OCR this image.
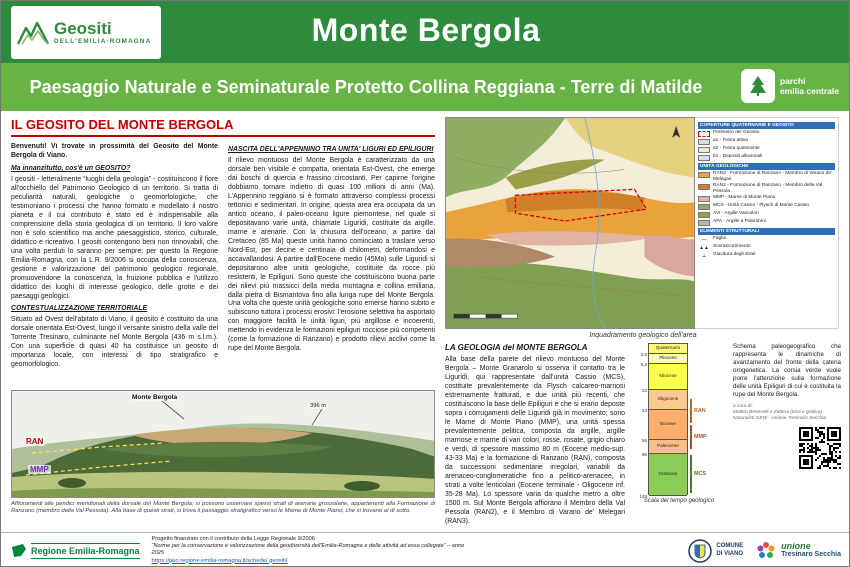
Geositi
DELL'EMILIA-ROMAGNA	Monte Bergola
Paesaggio Naturale e Seminaturale Protetto Collina Reggiana - Terre di Matilde	parchi
emilia centrale
IL GEOSITO DEL MONTE BERGOLA

Benvenuti! Vi trovate in prossimità del Geosito del Monte Bergola di Viano.

Ma innanzitutto, cos'è un GEOSITO?

I geositi - letteralmente “luoghi della geologia” - costituiscono il fiore all'occhiello del Patrimonio Geologico di un territorio. Si tratta di peculiarità naturali, geologiche o geomorfologiche, che testimoniano i processi che hanno formato e modellato il nostro pianeta e il cui contributo è stato ed è indispensabile alla comprensione della storia geologica di un territorio. Il loro valore non è solo scientifico ma anche paesaggistico, storico, culturale, didattico e ricreativo. I geositi contengono beni non rinnovabili, che una volta perduti lo saranno per sempre; per questo la Regione Emilia-Romagna, con la L.R. 9/2006 si occupa della conoscenza, gestione e valorizzazione del patrimonio geologico regionale, promuovendone la conoscenza, la fruizione pubblica e l'utilizzo didattico dei luoghi di interesse geologico, delle grotte e dei paesaggi geologici.

CONTESTUALIZZAZIONE TERRITORIALE

Situato ad Ovest dell'abitato di Viano, il geosito è costituito da una dorsale orientata Est-Ovest, lungo il versante sinistro della valle del Torrente Tresinaro, culminante nel Monte Bergola (436 m s.l.m.). Con una superficie di quasi 40 ha costituisce un geosito di importanza locale, con interessi di tipo stratigrafico e geomorfologico.

NASCITA DELL'APPENNINO TRA UNITA' LIGURI ED EPILIGURI

Il rilievo montuoso del Monte Bergola è caratterizzato da una dorsale ben visibile e compatta, orientata Est-Ovest, che emerge dai boschi di quercia e frassino circostanti. Per capirne l'origine dobbiamo tornare indietro di quasi 100 milioni di anni (Ma). L'Appennino reggiano si è formato attraverso complessi processi tettonici e sedimentari. In origine, questa area era occupata da un antico oceano, il paleo-oceano ligure piemontese, nel quale si depositavano varie unità, chiamate Liguridi, costituite da argille, marne e arenarie. Con la chiusura dell'oceano, a partire dal Cretaceo (85 Ma) queste unità hanno cominciato a traslare verso Nord-Est, per decine e centinaia di chilometri, deformandosi e accavallandosi. A partire dall'Eocene medio (45Ma) sulle Liguridi si depositarono altre unità geologiche, costituite da rocce più resistenti, le Epiliguri. Sono queste che costituiscono buona parte dei rilievi più massicci della media montagna e collina emiliana, dalla pietra di Bismantova fino alla lunga rupe del Monte Bergola. Una volta che queste unità geologiche sono emerse hanno subito e subiscono tuttora i processi erosivi: l'erosione selettiva ha asportato con maggiore facilità le unità liguri, più argillose e incoerenti, mettendo in evidenza le formazioni epiliguri rocciose più competenti (come la formazione di Ranzano) e prodotto rilievi acclivi come la rupe del Monte Bergola.

Monte Bergola
396 m
RAN
MMP

Affioramenti alle pendici meridionali della dorsale del Monte Bergola; si possono osservare spessi strati di arenarie grossolane, appartenenti alla Formazione di Ranzano (membro della Val Pessola). Alla base di questi strati, si trova il passaggio stratigrafico verso le Marne di Monte Piano, che si trovano al di sotto.

COPERTURE QUATERNARIE E GEOSITO
Perimetro del Geosito
a1 - Frana attiva
a2 - Frana quiescente
b1 - Depositi alluvionali
UNITÀ GEOLOGICHE
RAN3 - Formazione di Ranzano - Membro di Varano de' Melegari
RAN2 - Formazione di Ranzano - Membro della Val Pessola
MMP - Marne di Monte Piano
MCS - Unità Cassio - Flysch di Monte Cassio
AVI - Argille Varicolori
APA - Argille a Palombini
ELEMENTI STRUTTURALI
—	Faglia
▲▲ Sovrascorrimento
⟂	Giacitura degli strati

Inquadramento geologico dell'area

LA GEOLOGIA del MONTE BERGOLA

Alla base della parete del rilievo montuoso del Monte Bergola – Monte Granarolo si osserva il contatto tra le Liguridi, qui rappresentate dall'unità Cassio (MCS), costituite prevalentemente da Flysch calcareo-marnosi estremamente fratturati, e due unità più recenti, che costituiscono la base delle Epiliguri e che si erano deposte sopra i corrugamenti delle Liguridi già in movimento; sono le Marne di Monte Piano (MMP), una unità spessa prevalentemente pelitica, composta da argille, argille marnose e marne di vari colori, rosse, rosate, grigio chiaro e verdi, di spessore massimo 80 m (Eocene medio-sup. 43-33 Ma) e la formazione di Ranzano (RAN), composta da successioni sedimentarie irregolari, variabili da arenaceo-conglomeratiche fino a pelitico-arenacee, in strati a volte lenticolari (Eocene terminale - Oligocene inf. 35-28 Ma). Lo spessore varia da qualche metro a oltre 1500 m. Sul Monte Bergola affiorano il Membro della Val Pessola (RAN2), e il Membro di Varano de' Melegari (RAN3).

Quaternario
2,6
Pliocene
5,3
Miocene
23
Oligocene
34
Eocene
56
Paleocene
66
Cretaceo
145
RAN
MMP
MCS

Scala del tempo geologico

Schema paleogeografico che rappresenta le dinamiche di avanzamento del fronte della catena orogenetica. La corsia verde vuole porre l'attenzione sulla formazione delle unità Epiliguri di cui è costituita la rupe del Monte Bergola.

a cura di:
Matteo Benevelli e Zattera (testi e grafica)
Naturalisti GEW - Unione Tresinaro Secchia

Regione Emilia-Romagna
Progetto finanziato con il contributo della Legge Regionale 9/2006
“Norme per la conservazione e valorizzazione della geodiversità dell'Emilia-Romagna e delle attività ad essa collegate” – anno 2025
https://geo.regione.emilia-romagna.it/schede/ geositi/
COMUNE
DI VIANO
unione
Tresinaro Secchia
